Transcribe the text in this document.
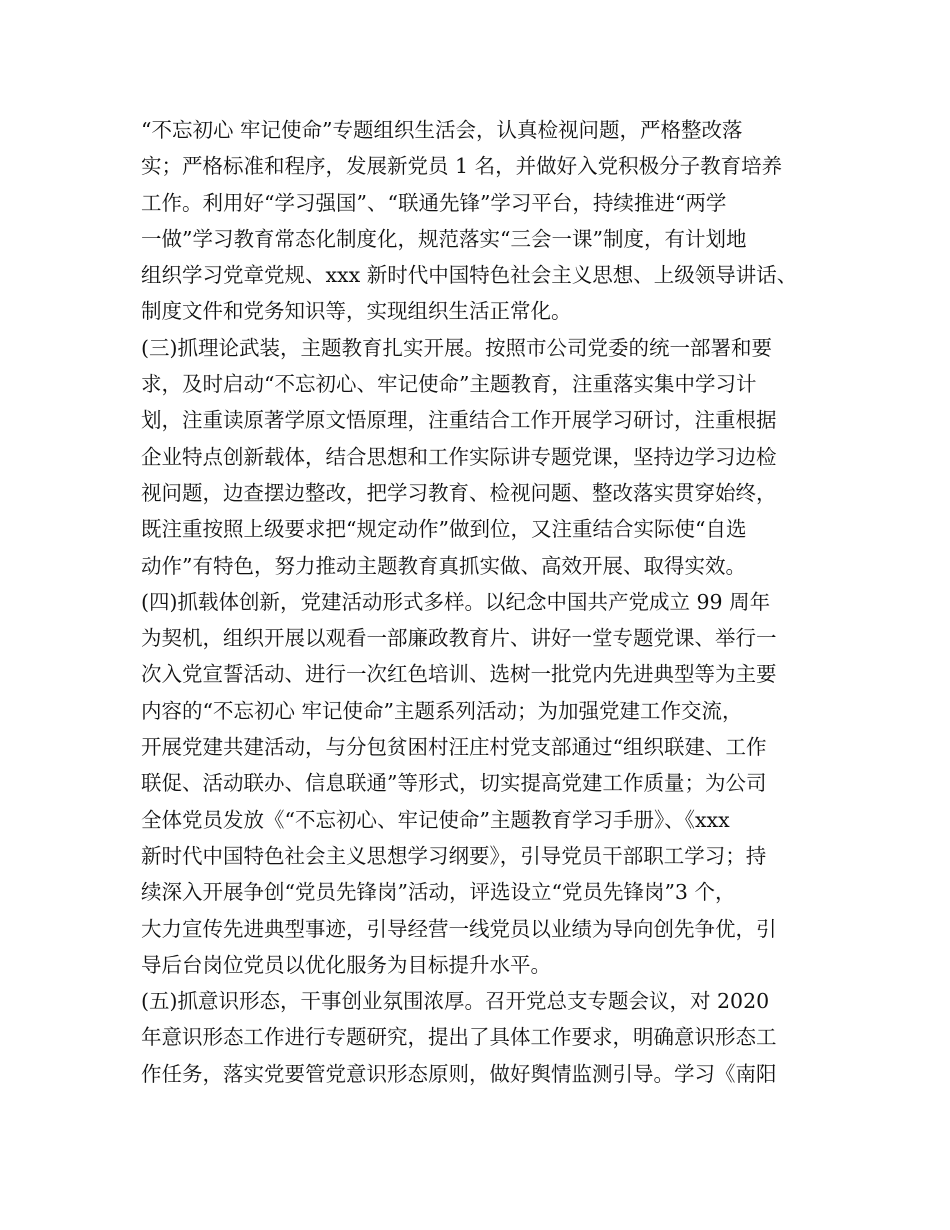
“不忘初心 牢记使命”专题组织生活会，认真检视问题，严格整改落
实；严格标准和程序，发展新党员 1 名，并做好入党积极分子教育培养
工作。利用好“学习强国”、“联通先锋”学习平台，持续推进“两学
一做”学习教育常态化制度化，规范落实“三会一课”制度，有计划地
组织学习党章党规、xxx 新时代中国特色社会主义思想、上级领导讲话、
制度文件和党务知识等，实现组织生活正常化。
(三)抓理论武装，主题教育扎实开展。按照市公司党委的统一部署和要
求，及时启动“不忘初心、牢记使命”主题教育，注重落实集中学习计
划，注重读原著学原文悟原理，注重结合工作开展学习研讨，注重根据
企业特点创新载体，结合思想和工作实际讲专题党课，坚持边学习边检
视问题，边查摆边整改，把学习教育、检视问题、整改落实贯穿始终，
既注重按照上级要求把“规定动作”做到位，又注重结合实际使“自选
动作”有特色，努力推动主题教育真抓实做、高效开展、取得实效。
(四)抓载体创新，党建活动形式多样。以纪念中国共产党成立 99 周年
为契机，组织开展以观看一部廉政教育片、讲好一堂专题党课、举行一
次入党宣誓活动、进行一次红色培训、选树一批党内先进典型等为主要
内容的“不忘初心 牢记使命”主题系列活动；为加强党建工作交流，
开展党建共建活动，与分包贫困村汪庄村党支部通过“组织联建、工作
联促、活动联办、信息联通”等形式，切实提高党建工作质量；为公司
全体党员发放《“不忘初心、牢记使命”主题教育学习手册》、《xxx
新时代中国特色社会主义思想学习纲要》，引导党员干部职工学习；持
续深入开展争创“党员先锋岗”活动，评选设立“党员先锋岗”3 个，
大力宣传先进典型事迹，引导经营一线党员以业绩为导向创先争优，引
导后台岗位党员以优化服务为目标提升水平。
(五)抓意识形态，干事创业氛围浓厚。召开党总支专题会议，对 2020
年意识形态工作进行专题研究，提出了具体工作要求，明确意识形态工
作任务，落实党要管党意识形态原则，做好舆情监测引导。学习《南阳
